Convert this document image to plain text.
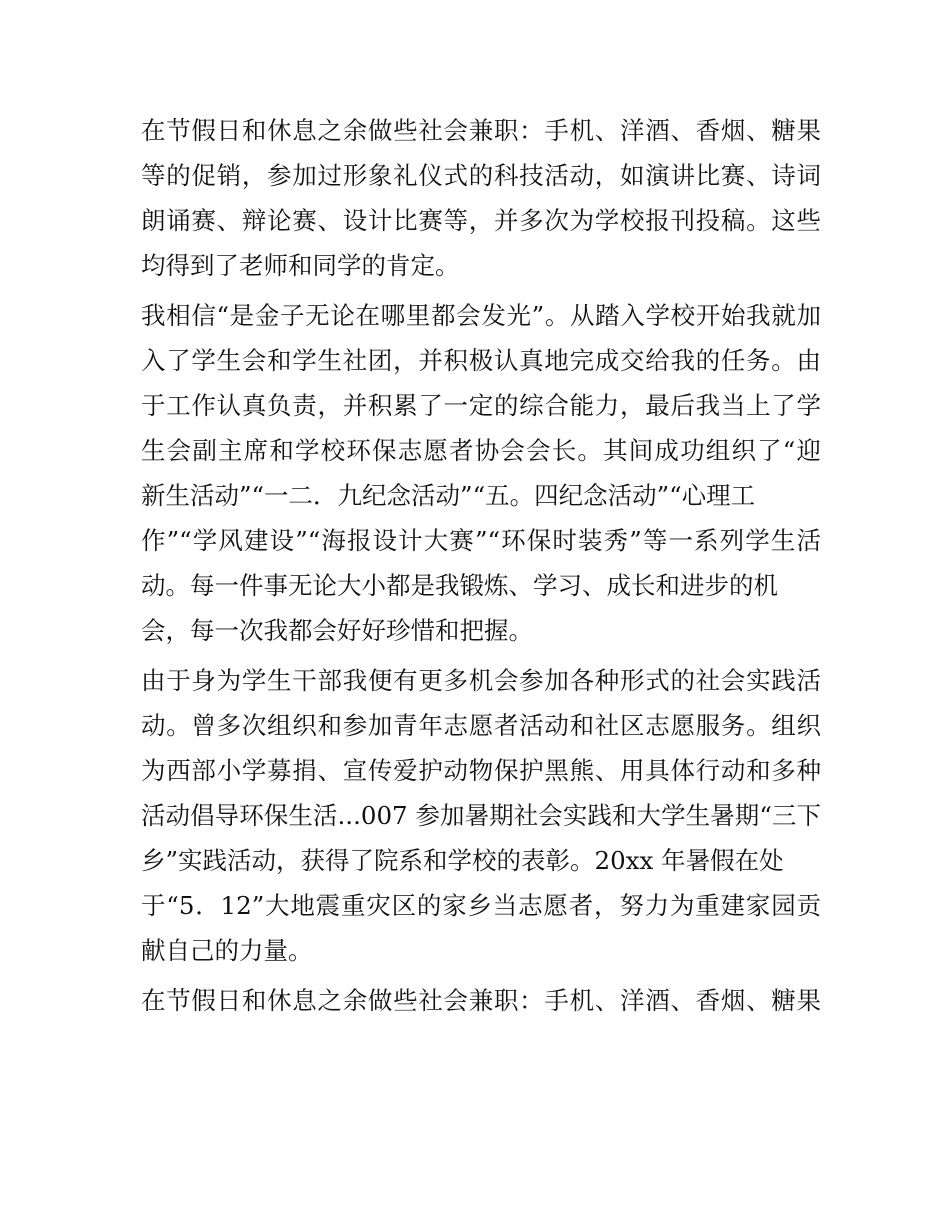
在节假日和休息之余做些社会兼职：手机、洋酒、香烟、糖果
等的促销，参加过形象礼仪式的科技活动，如演讲比赛、诗词
朗诵赛、辩论赛、设计比赛等，并多次为学校报刊投稿。这些
均得到了老师和同学的肯定。
我相信“是金子无论在哪里都会发光”。从踏入学校开始我就加
入了学生会和学生社团，并积极认真地完成交给我的任务。由
于工作认真负责，并积累了一定的综合能力，最后我当上了学
生会副主席和学校环保志愿者协会会长。其间成功组织了“迎
新生活动”“一二．九纪念活动”“五。四纪念活动”“心理工
作”“学风建设”“海报设计大赛”“环保时装秀”等一系列学生活
动。每一件事无论大小都是我锻炼、学习、成长和进步的机
会，每一次我都会好好珍惜和把握。
由于身为学生干部我便有更多机会参加各种形式的社会实践活
动。曾多次组织和参加青年志愿者活动和社区志愿服务。组织
为西部小学募捐、宣传爱护动物保护黑熊、用具体行动和多种
活动倡导环保生活...007 参加暑期社会实践和大学生暑期“三下
乡”实践活动，获得了院系和学校的表彰。20xx 年暑假在处
于“5．12”大地震重灾区的家乡当志愿者，努力为重建家园贡
献自己的力量。
在节假日和休息之余做些社会兼职：手机、洋酒、香烟、糖果
